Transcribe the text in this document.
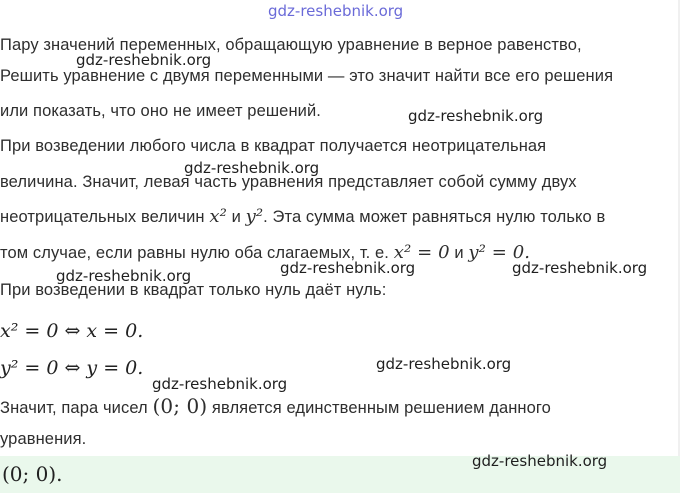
gdz-reshebnik.org
Пару значений переменных, обращающую уравнение в верное равенство,
gdz-reshebnik.org
Решить уравнение с двумя переменными — это значит найти все его решения
или показать, что оно не имеет решений.	gdz-reshebnik.org
При возведении любого числа в квадрат получается неотрицательная
gdz-reshebnik.org
величина. Значит, левая часть уравнения представляет собой сумму двух
неотрицательных величин x² и y². Эта сумма может равняться нулю только в
том случае, если равны нулю оба слагаемых, т. е. x² = 0 и y² = 0.
gdz-reshebnik.org	gdz-reshebnik.org	gdz-reshebnik.org
При возведении в квадрат только нуль даёт нуль:
x² = 0 ⇔ x = 0.
y² = 0 ⇔ y = 0.	gdz-reshebnik.org
gdz-reshebnik.org
Значит, пара чисел (0; 0) является единственным решением данного
уравнения.
(0; 0).
gdz-reshebnik.org
